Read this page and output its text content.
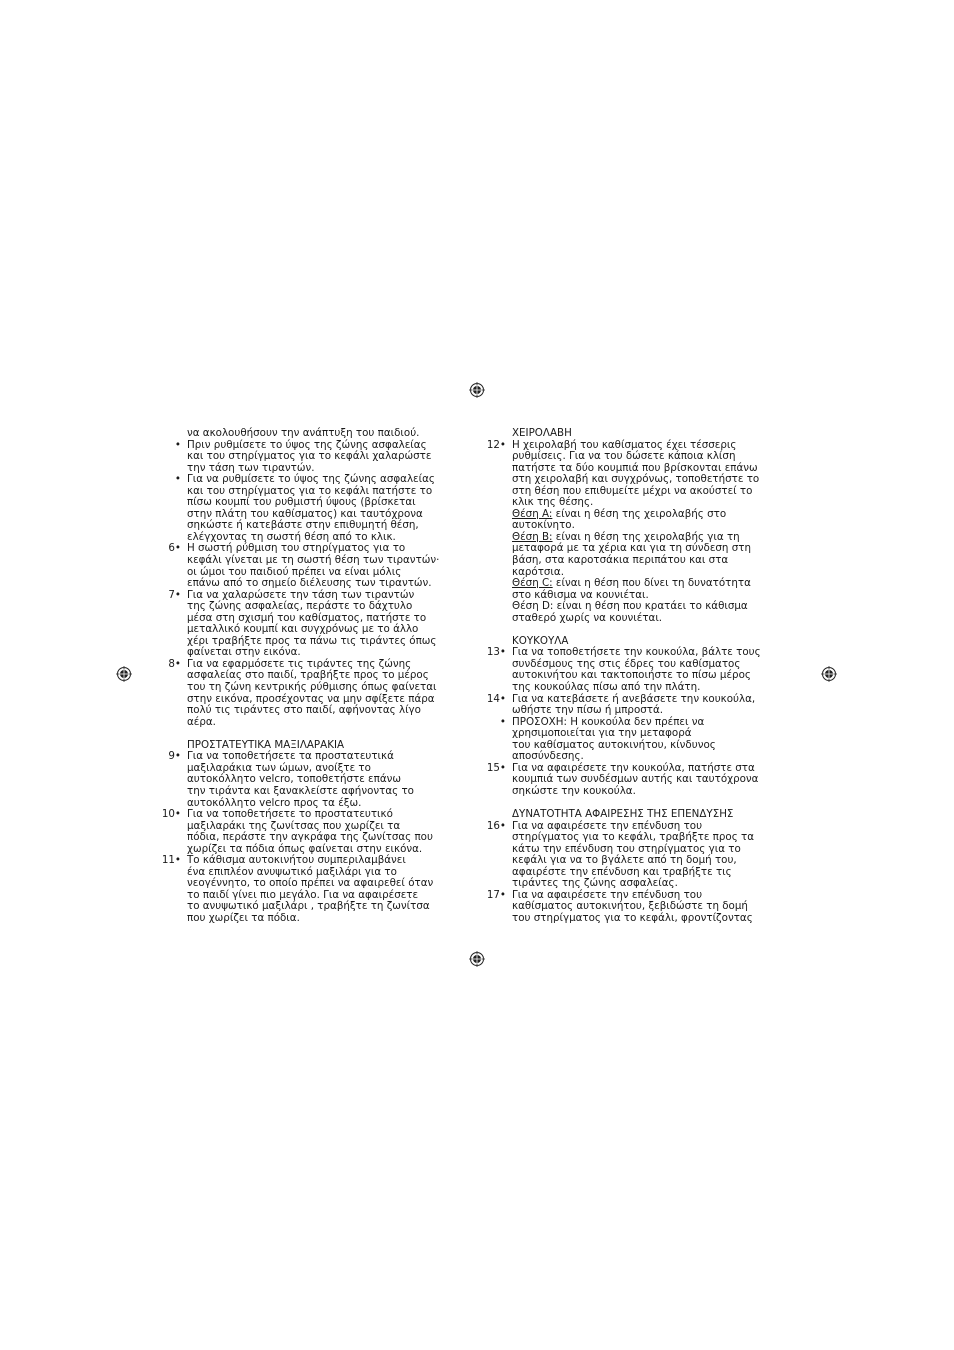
να ακολουθήσουν την ανάπτυξη του παιδιού.

• Πριν ρυθμίσετε το ύψος της ζώνης ασφαλείας
και του στηρίγματος για το κεφάλι χαλαρώστε
την τάση των τιραντών.
• Για να ρυθμίσετε το ύψος της ζώνης ασφαλείας
και του στηρίγματος για το κεφάλι πατήστε το
πίσω κουμπί του ρυθμιστή ύψους (βρίσκεται
στην πλάτη του καθίσματος) και ταυτόχρονα
σηκώστε ή κατεβάστε στην επιθυμητή θέση,
ελέγχοντας τη σωστή θέση από το κλικ.
6• Η σωστή ρύθμιση του στηρίγματος για το
κεφάλι γίνεται με τη σωστή θέση των τιραντών·
οι ώμοι του παιδιού πρέπει να είναι μόλις
επάνω από το σημείο διέλευσης των τιραντών.
7• Για να χαλαρώσετε την τάση των τιραντών
της ζώνης ασφαλείας, περάστε το δάχτυλο
μέσα στη σχισμή του καθίσματος, πατήστε το
μεταλλικό κουμπί και συγχρόνως με το άλλο
χέρι τραβήξτε προς τα πάνω τις τιράντες όπως
φαίνεται στην εικόνα.
8• Για να εφαρμόσετε τις τιράντες της ζώνης
ασφαλείας στο παιδί, τραβήξτε προς το μέρος
του τη ζώνη κεντρικής ρύθμισης όπως φαίνεται
στην εικόνα, προσέχοντας να μην σφίξετε πάρα
πολύ τις τιράντες στο παιδί, αφήνοντας λίγο
αέρα.

ΠΡΟΣΤΑΤΕΥΤΙΚΑ ΜΑΞΙΛΑΡΑΚΙΑ

9• Για να τοποθετήσετε τα προστατευτικά
μαξιλαράκια των ώμων, ανοίξτε το
αυτοκόλλητο velcro, τοποθετήστε επάνω
την τιράντα και ξανακλείστε αφήνοντας το
αυτοκόλλητο velcro προς τα έξω.
10• Για να τοποθετήσετε το προστατευτικό
μαξιλαράκι της ζωνίτσας που χωρίζει τα
πόδια, περάστε την αγκράφα της ζωνίτσας που
χωρίζει τα πόδια όπως φαίνεται στην εικόνα.
11• Το κάθισμα αυτοκινήτου συμπεριλαμβάνει
ένα επιπλέον ανυψωτικό μαξιλάρι για το
νεογέννητο, το οποίο πρέπει να αφαιρεθεί όταν
το παιδί γίνει πιο μεγάλο. Για να αφαιρέσετε
το ανυψωτικό μαξιλάρι , τραβήξτε τη ζωνίτσα
που χωρίζει τα πόδια.

ΧΕΙΡΟΛΑΒΗ

12• Η χειρολαβή του καθίσματος έχει τέσσερις
ρυθμίσεις. Για να του δώσετε κάποια κλίση
πατήστε τα δύο κουμπιά που βρίσκονται επάνω
στη χειρολαβή και συγχρόνως, τοποθετήστε το
στη θέση που επιθυμείτε μέχρι να ακούστεί το
κλικ της θέσης.

Θέση A: είναι η θέση της χειρολαβής στο
αυτοκίνητο.

Θέση B: είναι η θέση της χειρολαβής για τη
μεταφορά με τα χέρια και για τη σύνδεση στη
βάση, στα καροτσάκια περιπάτου και στα
καρότσια.

Θέση C: είναι η θέση που δίνει τη δυνατότητα
στο κάθισμα να κουνιέται.

Θέση D: είναι η θέση που κρατάει το κάθισμα
σταθερό χωρίς να κουνιέται.

ΚΟΥΚΟΥΛΑ

13• Για να τοποθετήσετε την κουκούλα, βάλτε τους
συνδέσμους της στις έδρες του καθίσματος
αυτοκινήτου και τακτοποιήστε το πίσω μέρος
της κουκούλας πίσω από την πλάτη.
14• Για να κατεβάσετε ή ανεβάσετε την κουκούλα,
ωθήστε την πίσω ή μπροστά.
• ΠΡΟΣΟΧΗ: Η κουκούλα δεν πρέπει να
χρησιμοποιείται για την μεταφορά
του καθίσματος αυτοκινήτου, κίνδυνος
αποσύνδεσης.
15• Για να αφαιρέσετε την κουκούλα, πατήστε στα
κουμπιά των συνδέσμων αυτής και ταυτόχρονα
σηκώστε την κουκούλα.

ΔΥΝΑΤΟΤΗΤΑ ΑΦΑΙΡΕΣΗΣ ΤΗΣ ΕΠΕΝΔΥΣΗΣ

16• Για να αφαιρέσετε την επένδυση του
στηρίγματος για το κεφάλι, τραβήξτε προς τα
κάτω την επένδυση του στηρίγματος για το
κεφάλι για να το βγάλετε από τη δομή του,
αφαιρέστε την επένδυση και τραβήξτε τις
τιράντες της ζώνης ασφαλείας.
17• Για να αφαιρέσετε την επένδυση του
καθίσματος αυτοκινήτου, ξεβιδώστε τη δομή
του στηρίγματος για το κεφάλι, φροντίζοντας
